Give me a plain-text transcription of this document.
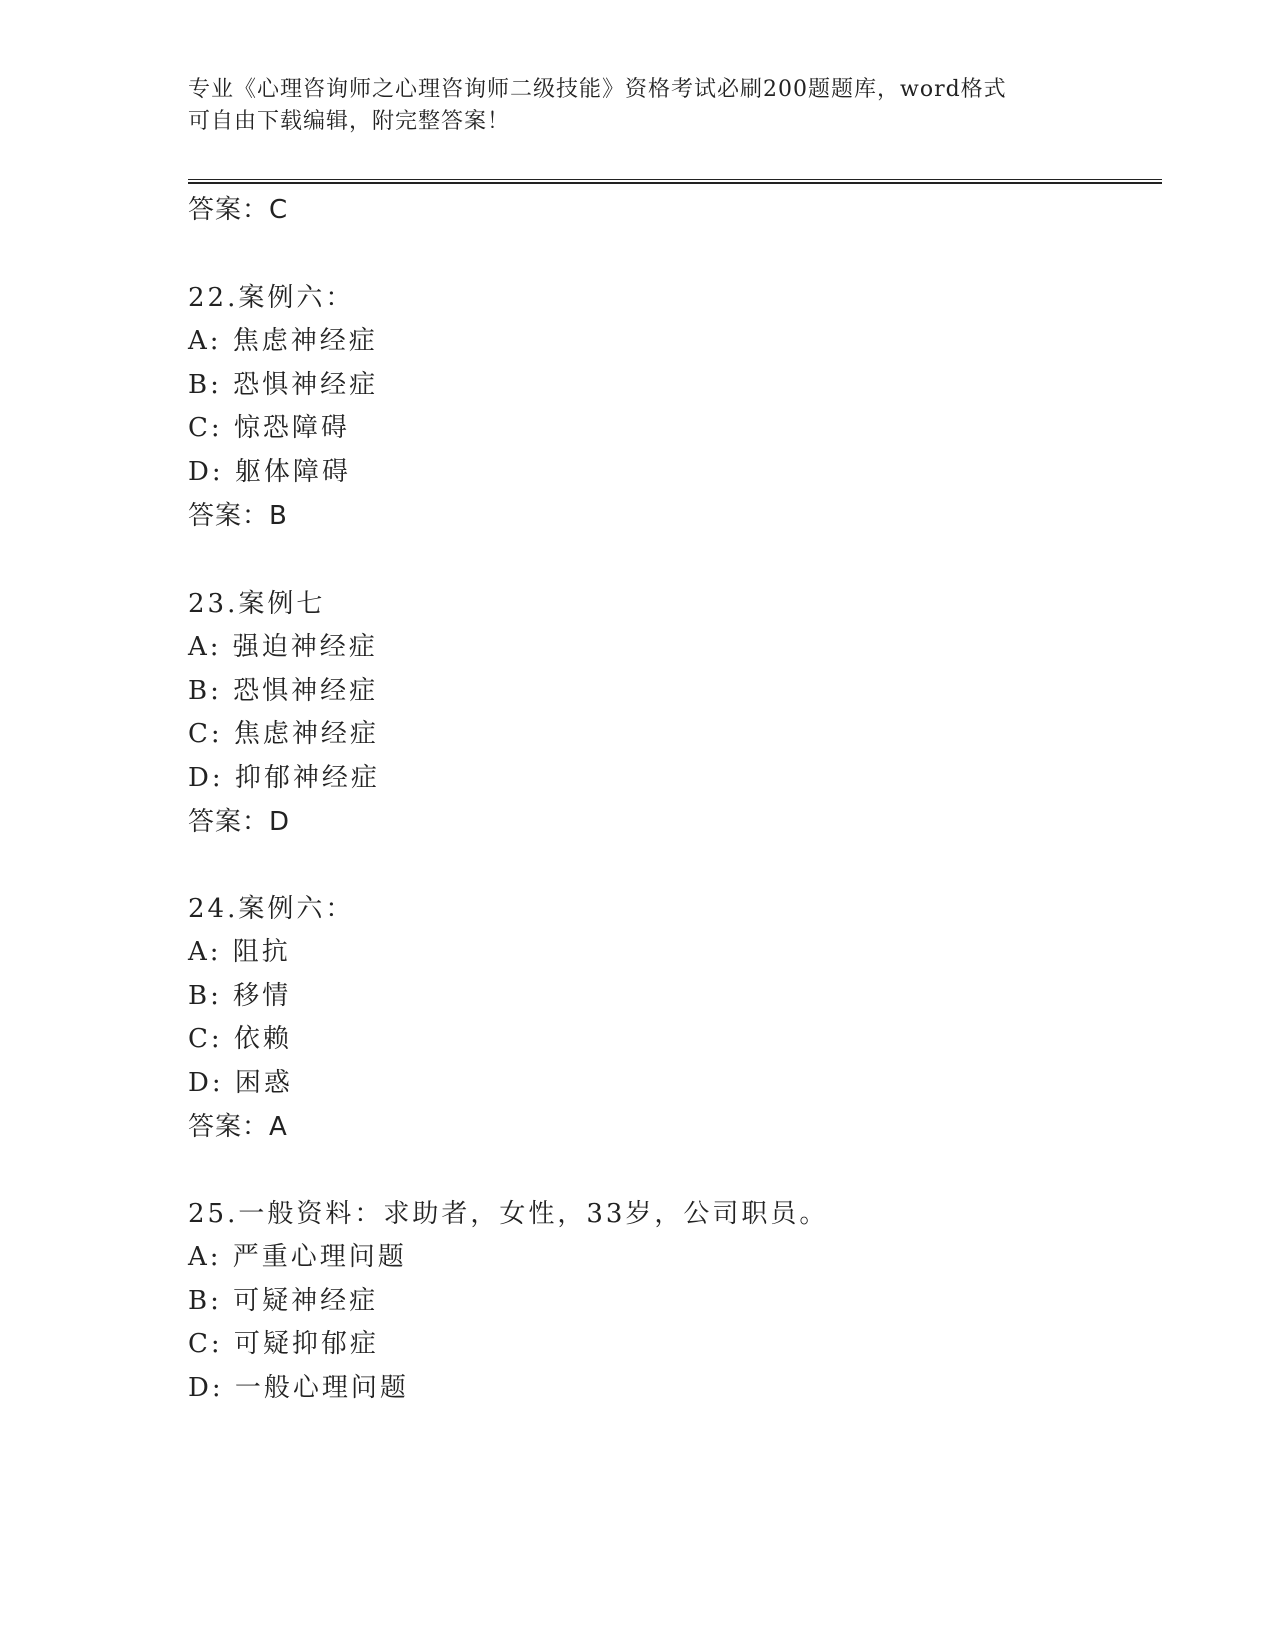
专业《心理咨询师之心理咨询师二级技能》资格考试必刷200题题库，word格式
可自由下载编辑，附完整答案！
答案：C
22.案例六：
A: 焦虑神经症
B: 恐惧神经症
C: 惊恐障碍
D: 躯体障碍
答案：B
23.案例七
A: 强迫神经症
B: 恐惧神经症
C: 焦虑神经症
D: 抑郁神经症
答案：D
24.案例六：
A: 阻抗
B: 移情
C: 依赖
D: 困惑
答案：A
25.一般资料：求助者，女性，33岁，公司职员。
A: 严重心理问题
B: 可疑神经症
C: 可疑抑郁症
D: 一般心理问题
